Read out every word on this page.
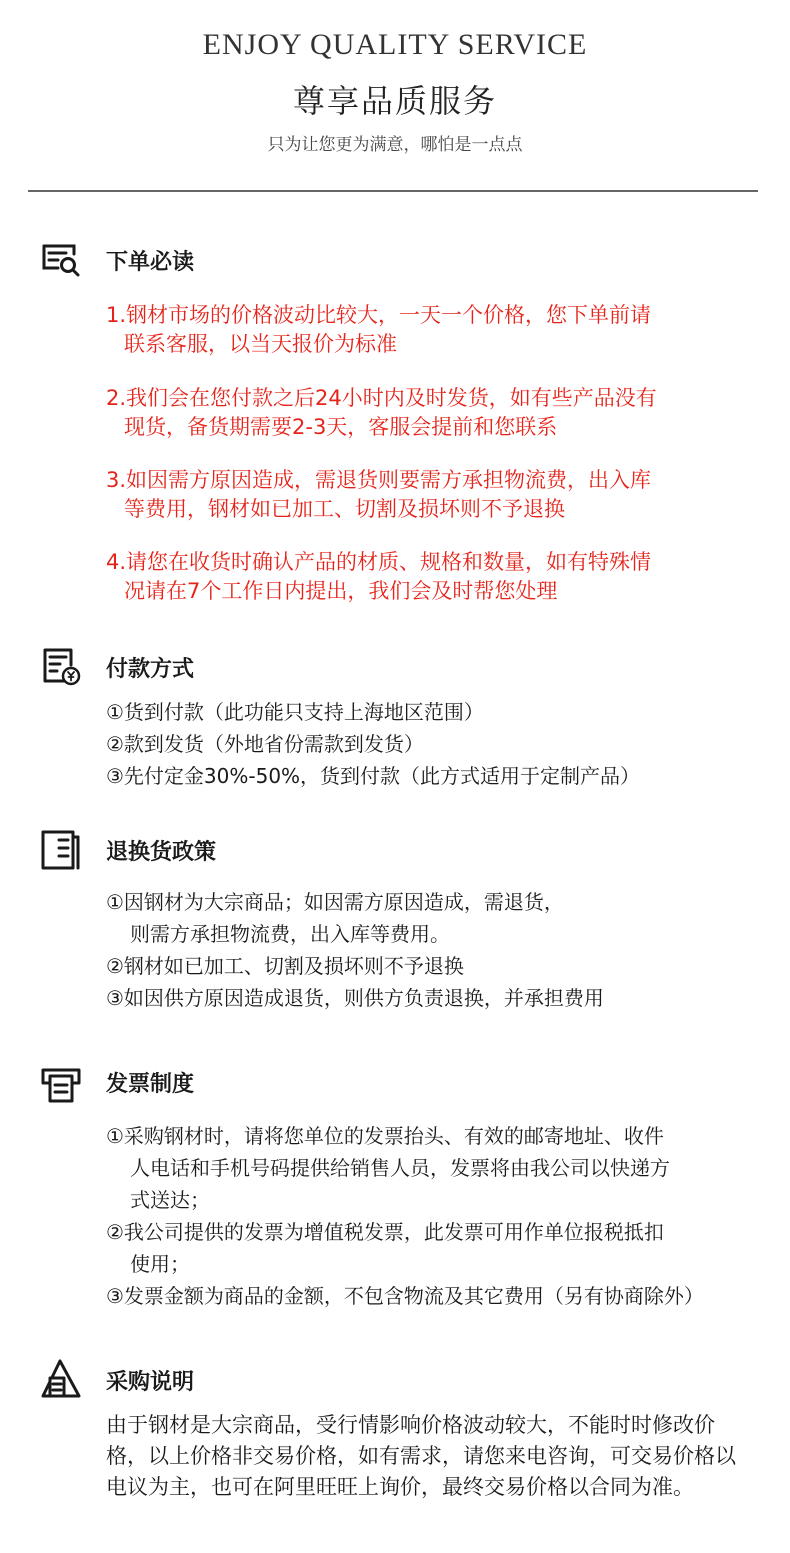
ENJOY QUALITY SERVICE
尊享品质服务
只为让您更为满意，哪怕是一点点
下单必读
1.钢材市场的价格波动比较大，一天一个价格，您下单前请
联系客服，以当天报价为标准
2.我们会在您付款之后24小时内及时发货，如有些产品没有
现货，备货期需要2-3天，客服会提前和您联系
3.如因需方原因造成，需退货则要需方承担物流费，出入库
等费用，钢材如已加工、切割及损坏则不予退换
4.请您在收货时确认产品的材质、规格和数量，如有特殊情
况请在7个工作日内提出，我们会及时帮您处理
付款方式
①货到付款（此功能只支持上海地区范围）
②款到发货（外地省份需款到发货）
③先付定金30%-50%，货到付款（此方式适用于定制产品）
退换货政策
①因钢材为大宗商品；如因需方原因造成，需退货，
则需方承担物流费，出入库等费用。
②钢材如已加工、切割及损坏则不予退换
③如因供方原因造成退货，则供方负责退换，并承担费用
发票制度
①采购钢材时，请将您单位的发票抬头、有效的邮寄地址、收件
人电话和手机号码提供给销售人员，发票将由我公司以快递方
式送达；
②我公司提供的发票为增值税发票，此发票可用作单位报税抵扣
使用；
③发票金额为商品的金额，不包含物流及其它费用（另有协商除外）
采购说明
由于钢材是大宗商品，受行情影响价格波动较大，不能时时修改价格，以上价格非交易价格，如有需求，请您来电咨询，可交易价格以电议为主，也可在阿里旺旺上询价，最终交易价格以合同为准。
